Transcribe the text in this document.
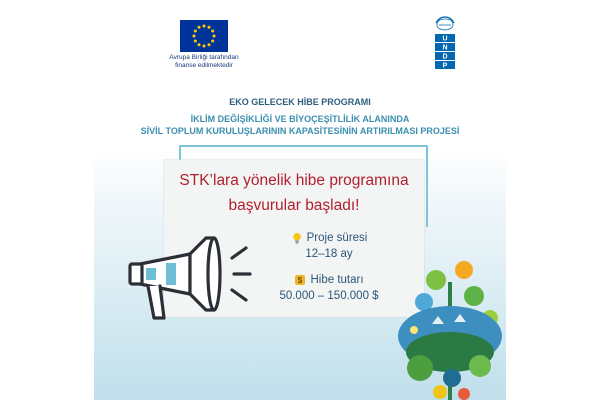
Avrupa Birliği tarafından
finanse edilmektedir
U
N
D
P
EKO GELECEK HİBE PROGRAMI
İKLİM DEĞİŞİKLİĞİ VE BİYOÇEŞİTLİLİK ALANINDA
SİVİL TOPLUM KURULUŞLARININ KAPASİTESİNİN ARTIRILMASI PROJESİ
STK’lara yönelik hibe programına
başvurular başladı!
Proje süresi
12–18 ay
$ Hibe tutarı
50.000 – 150.000 $
